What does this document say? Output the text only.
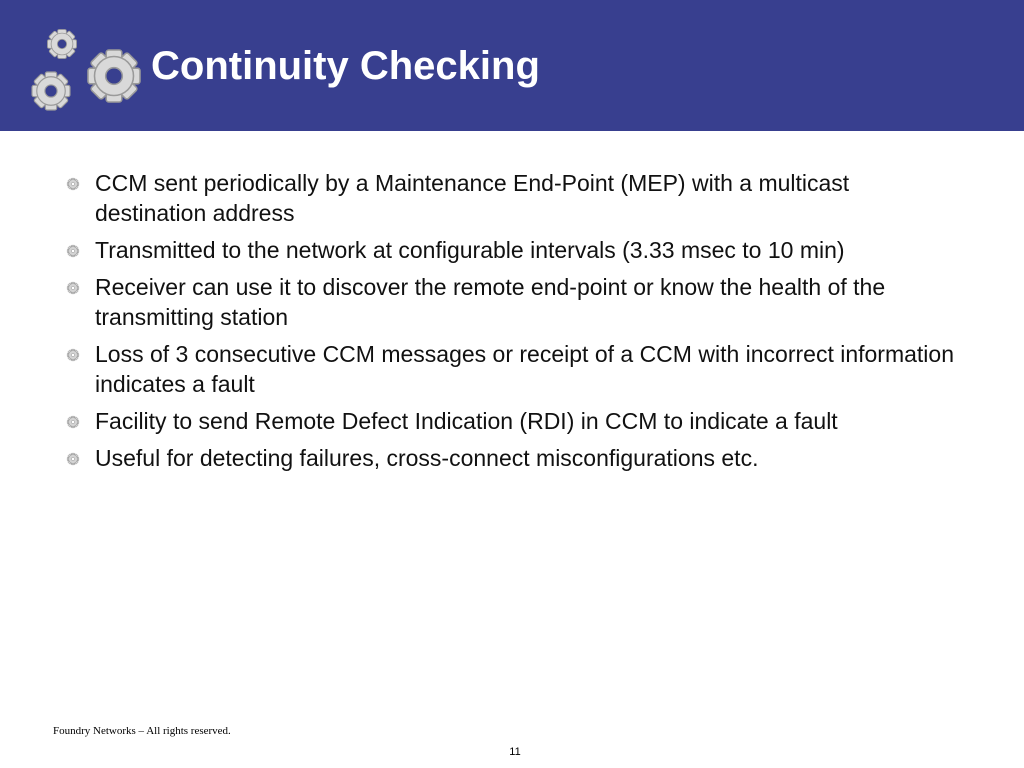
Continuity Checking
CCM sent periodically by a Maintenance End-Point (MEP) with a multicast destination address
Transmitted to the network at configurable intervals (3.33 msec to 10 min)
Receiver can use it to discover the remote end-point or know the health of the transmitting station
Loss of 3 consecutive CCM messages or receipt of a CCM with incorrect information indicates a fault
Facility to send Remote Defect Indication (RDI) in CCM to indicate a fault
Useful for detecting failures, cross-connect misconfigurations etc.
Foundry Networks – All rights reserved.
11
